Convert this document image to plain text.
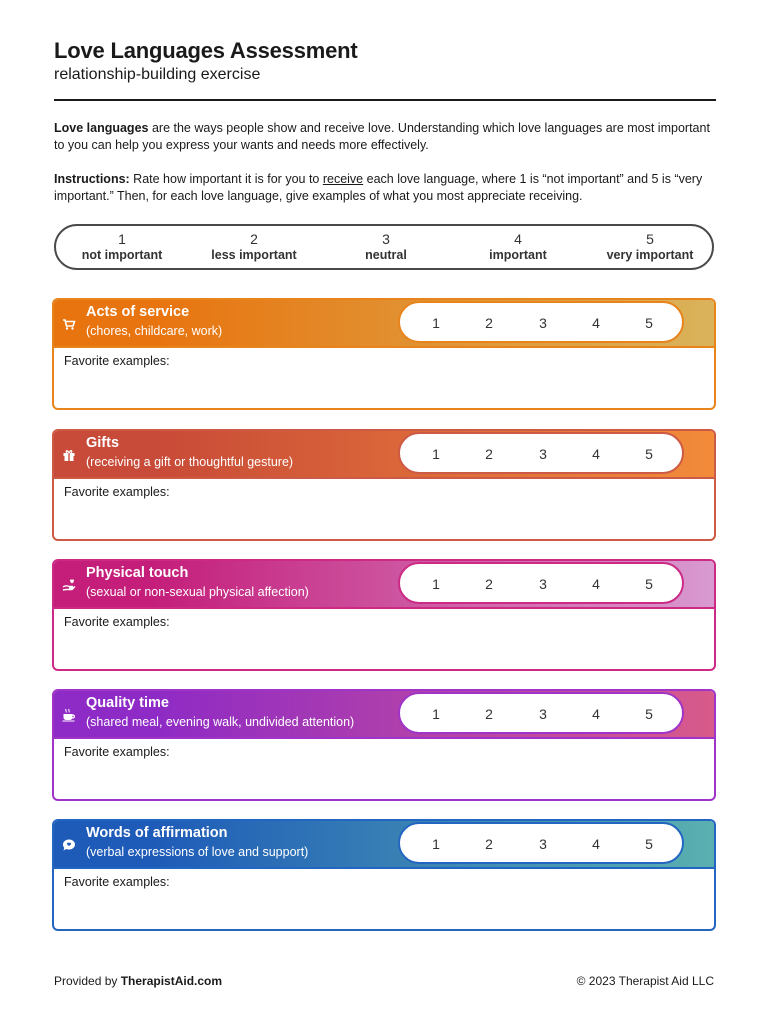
Love Languages Assessment
relationship-building exercise
Love languages are the ways people show and receive love. Understanding which love languages are most important to you can help you express your wants and needs more effectively.
Instructions: Rate how important it is for you to receive each love language, where 1 is “not important” and 5 is “very important.” Then, for each love language, give examples of what you most appreciate receiving.
1
not important
2
less important
3
neutral
4
important
5
very important
Acts of service
(chores, childcare, work)	1	2	3	4	5
Favorite examples:
Gifts
(receiving a gift or thoughtful gesture)	1	2	3	4	5
Favorite examples:
Physical touch
(sexual or non-sexual physical affection)	1	2	3	4	5
Favorite examples:
Quality time
(shared meal, evening walk, undivided attention)	1	2	3	4	5
Favorite examples:
Words of affirmation
(verbal expressions of love and support)	1	2	3	4	5
Favorite examples:
Provided by TherapistAid.com	© 2023 Therapist Aid LLC
